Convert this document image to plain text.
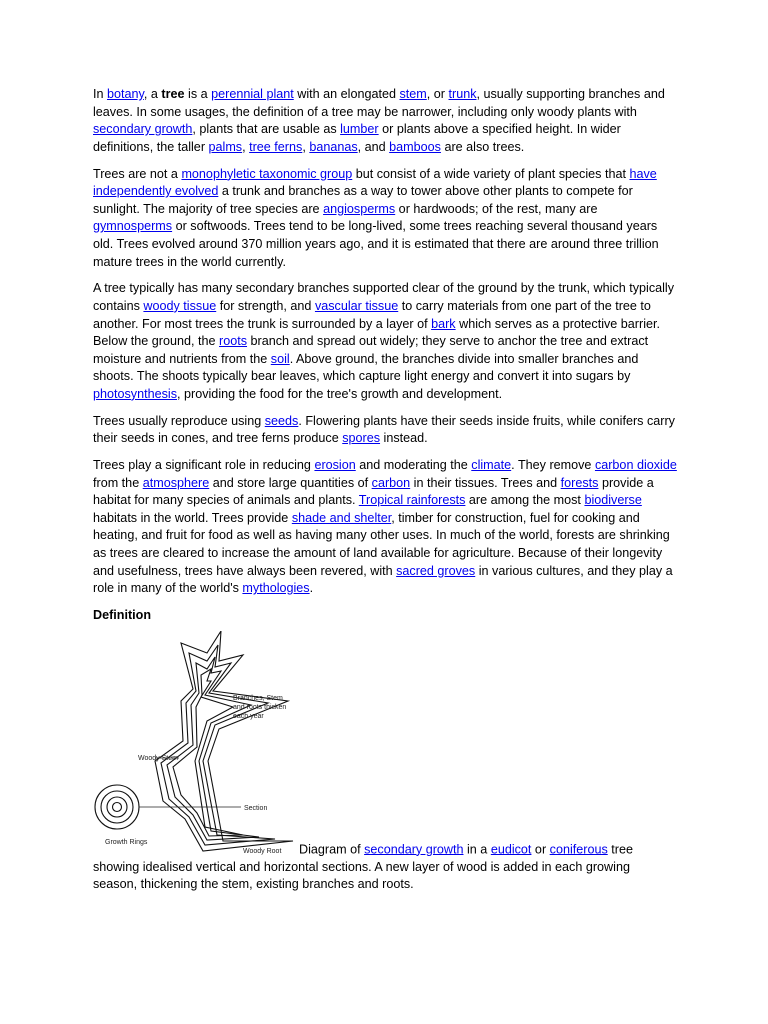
In botany, a tree is a perennial plant with an elongated stem, or trunk, usually supporting branches and leaves. In some usages, the definition of a tree may be narrower, including only woody plants with secondary growth, plants that are usable as lumber or plants above a specified height. In wider definitions, the taller palms, tree ferns, bananas, and bamboos are also trees.

Trees are not a monophyletic taxonomic group but consist of a wide variety of plant species that have independently evolved a trunk and branches as a way to tower above other plants to compete for sunlight. The majority of tree species are angiosperms or hardwoods; of the rest, many are gymnosperms or softwoods. Trees tend to be long-lived, some trees reaching several thousand years old. Trees evolved around 370 million years ago, and it is estimated that there are around three trillion mature trees in the world currently.

A tree typically has many secondary branches supported clear of the ground by the trunk, which typically contains woody tissue for strength, and vascular tissue to carry materials from one part of the tree to another. For most trees the trunk is surrounded by a layer of bark which serves as a protective barrier. Below the ground, the roots branch and spread out widely; they serve to anchor the tree and extract moisture and nutrients from the soil. Above ground, the branches divide into smaller branches and shoots. The shoots typically bear leaves, which capture light energy and convert it into sugars by photosynthesis, providing the food for the tree's growth and development.

Trees usually reproduce using seeds. Flowering plants have their seeds inside fruits, while conifers carry their seeds in cones, and tree ferns produce spores instead.

Trees play a significant role in reducing erosion and moderating the climate. They remove carbon dioxide from the atmosphere and store large quantities of carbon in their tissues. Trees and forests provide a habitat for many species of animals and plants. Tropical rainforests are among the most biodiverse habitats in the world. Trees provide shade and shelter, timber for construction, fuel for cooking and heating, and fruit for food as well as having many other uses. In much of the world, forests are shrinking as trees are cleared to increase the amount of land available for agriculture. Because of their longevity and usefulness, trees have always been revered, with sacred groves in various cultures, and they play a role in many of the world's mythologies.

Definition
Branches, Stem
and roots thicken
each year
Woody Stem
Section
Growth Rings
Woody Root Diagram of secondary growth in a eudicot or coniferous tree showing idealised vertical and horizontal sections. A new layer of wood is added in each growing season, thickening the stem, existing branches and roots.
